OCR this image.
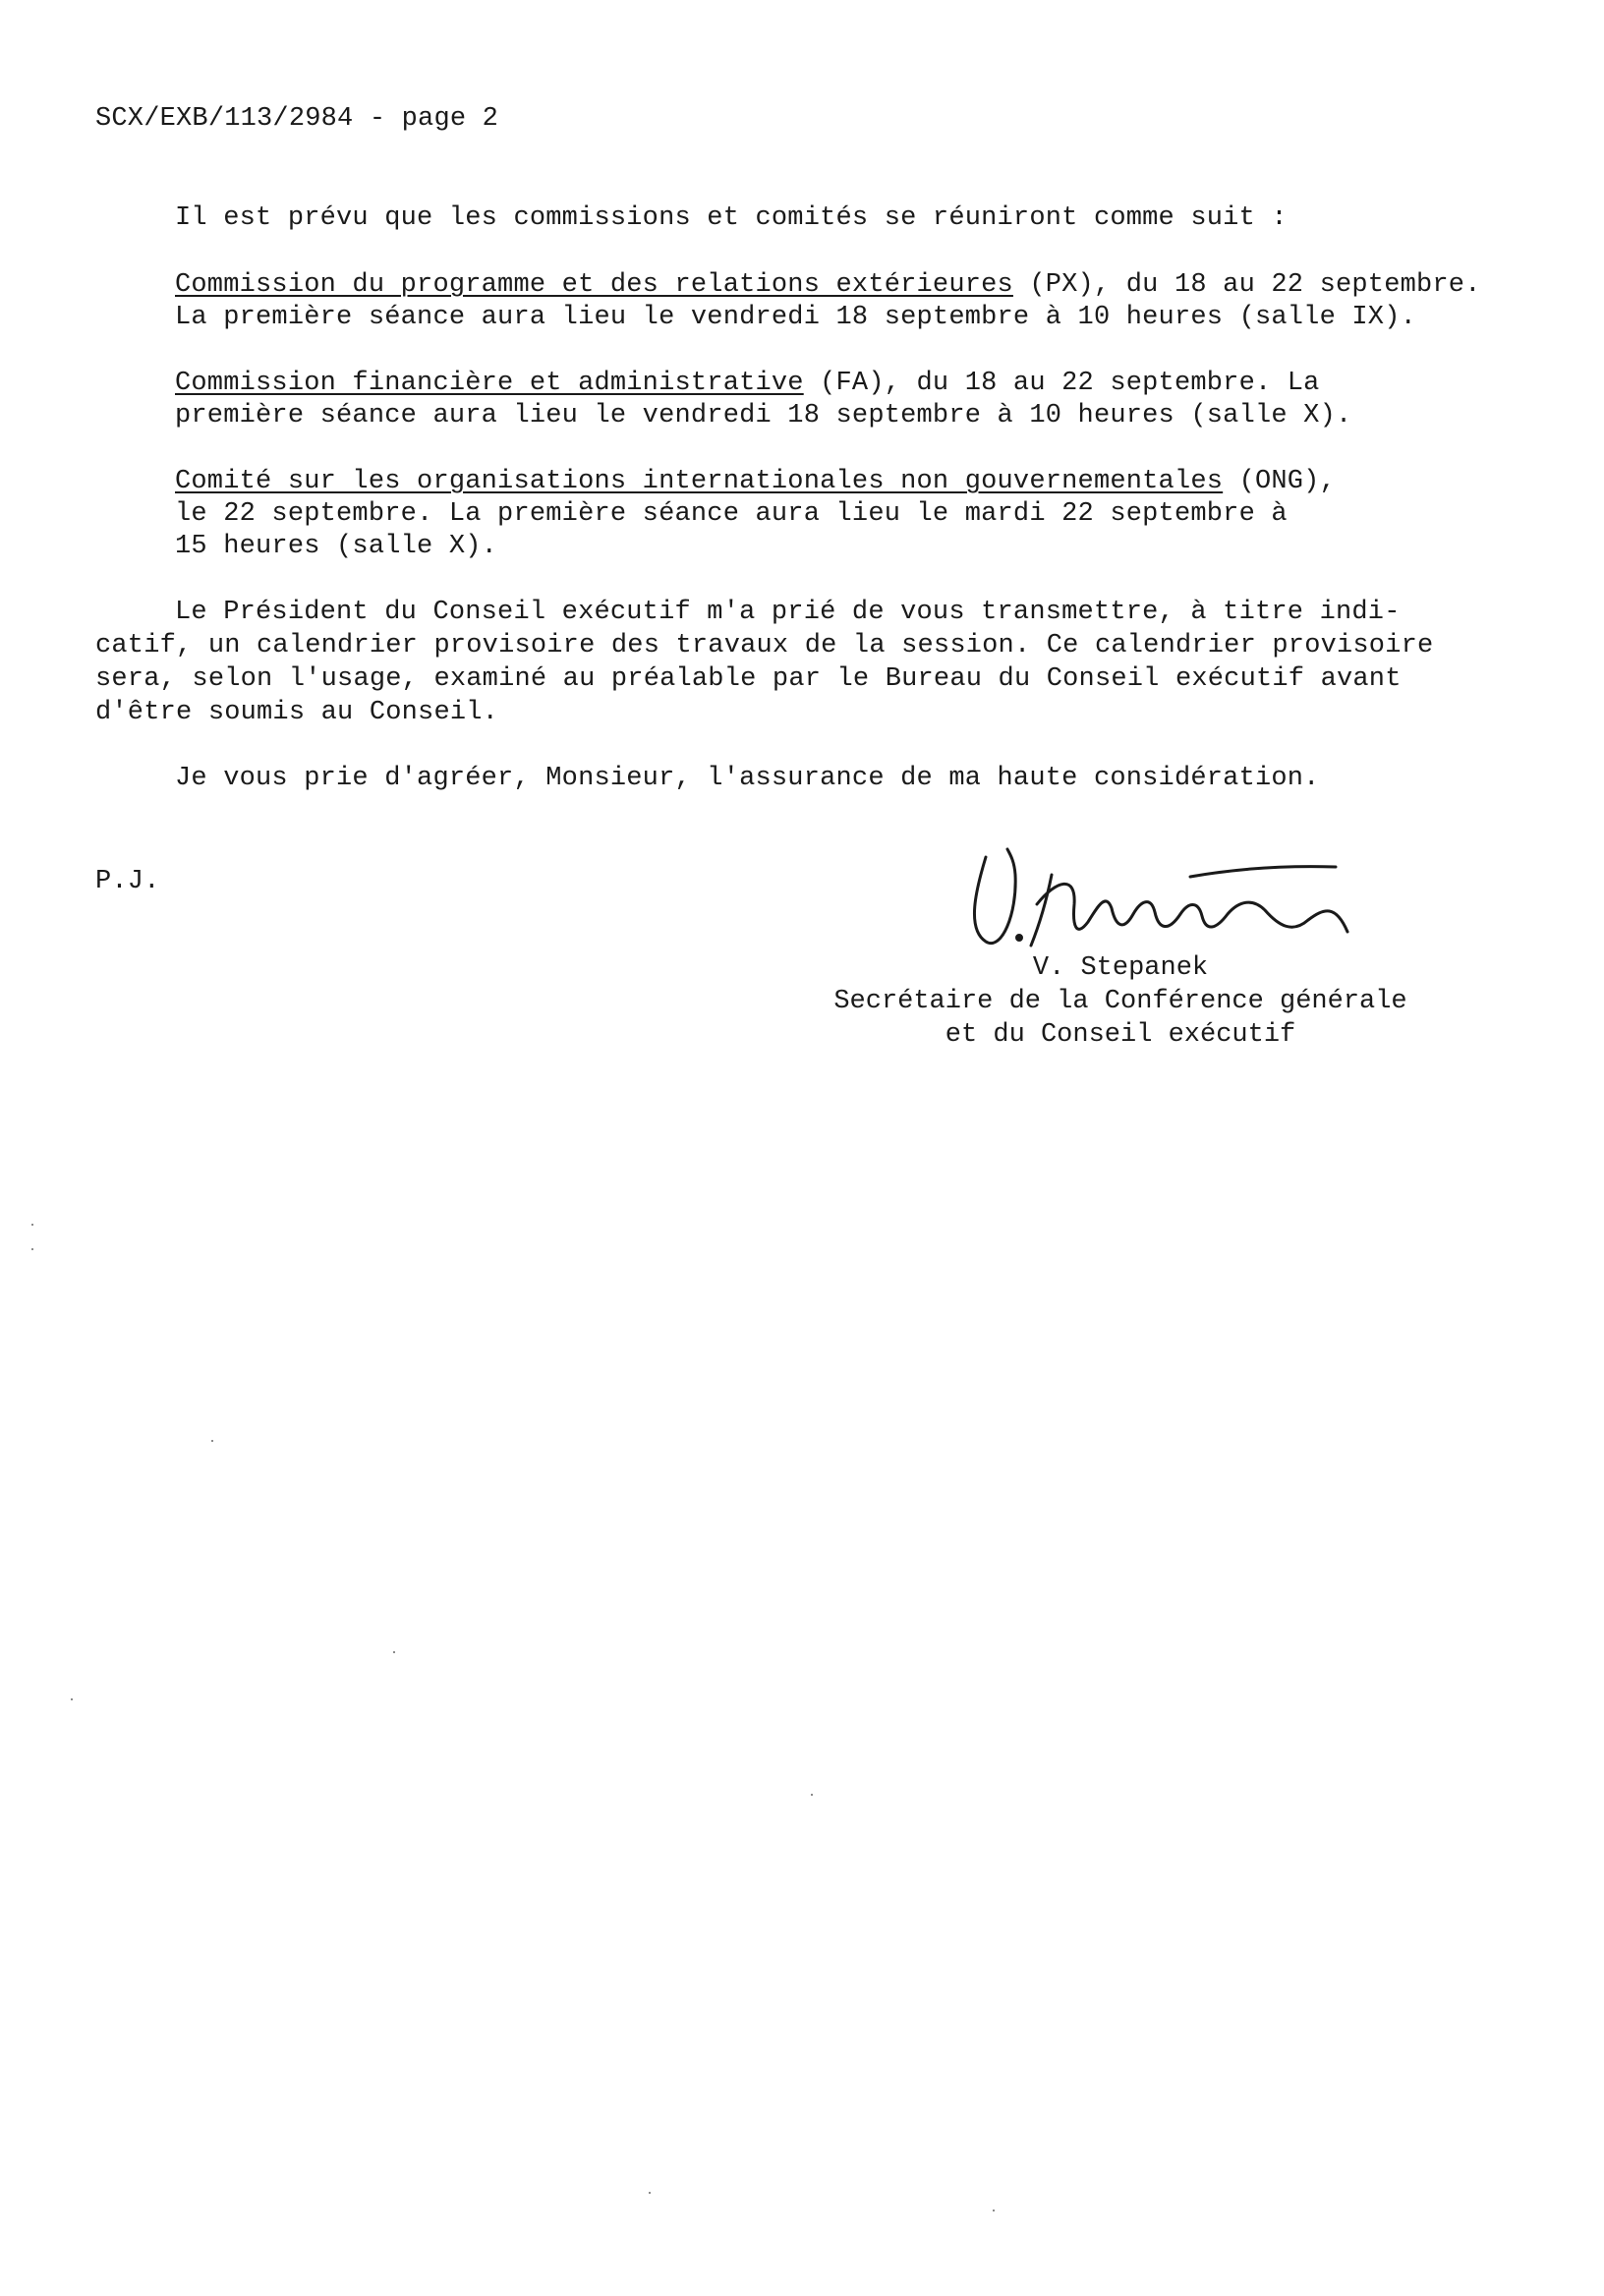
SCX/EXB/113/2984 - page 2
Il est prévu que les commissions et comités se réuniront comme suit :
Commission du programme et des relations extérieures (PX), du 18 au 22 septembre.
La première séance aura lieu le vendredi 18 septembre à 10 heures (salle IX).
Commission financière et administrative (FA), du 18 au 22 septembre. La
première séance aura lieu le vendredi 18 septembre à 10 heures (salle X).
Comité sur les organisations internationales non gouvernementales (ONG),
le 22 septembre. La première séance aura lieu le mardi 22 septembre à
15 heures (salle X).
Le Président du Conseil exécutif m'a prié de vous transmettre, à titre indi-
catif, un calendrier provisoire des travaux de la session. Ce calendrier provisoire
sera, selon l'usage, examiné au préalable par le Bureau du Conseil exécutif avant
d'être soumis au Conseil.
Je vous prie d'agréer, Monsieur, l'assurance de ma haute considération.
P.J.
V. Stepanek
Secrétaire de la Conférence générale
et du Conseil exécutif
